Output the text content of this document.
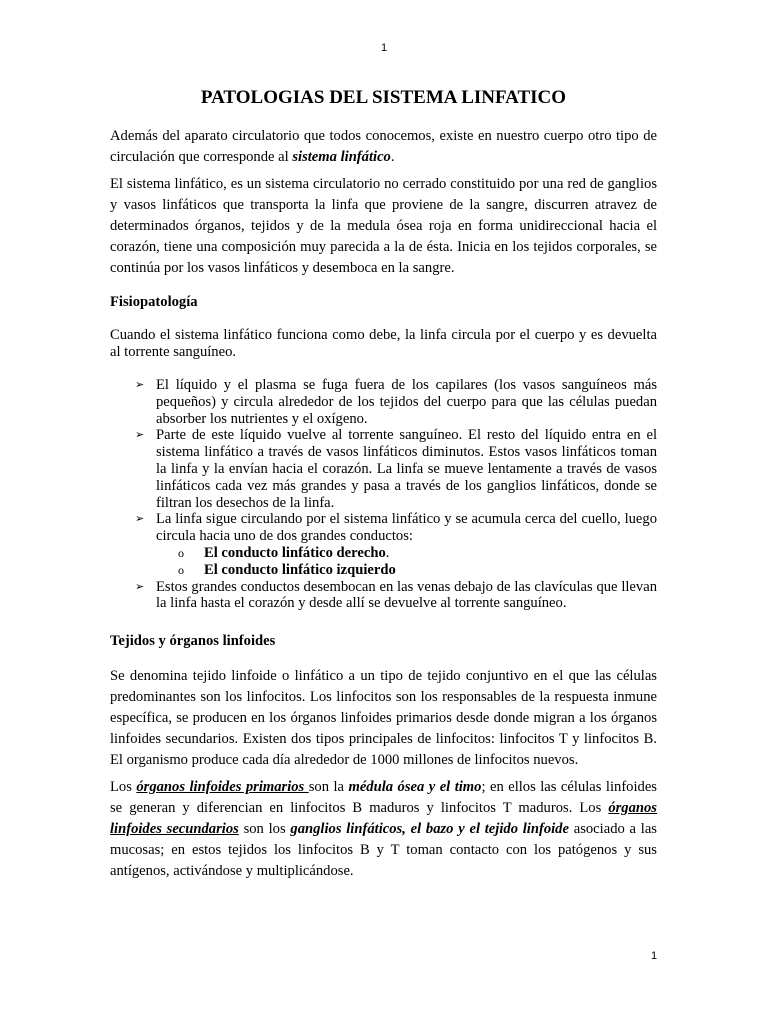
1
PATOLOGIAS DEL SISTEMA LINFATICO

Además del aparato circulatorio que todos conocemos, existe en nuestro cuerpo otro tipo de circulación que corresponde al sistema linfático.

El sistema linfático, es un sistema circulatorio no cerrado constituido por una red de ganglios y vasos linfáticos que transporta la linfa que proviene de la sangre, discurren atravez de determinados órganos, tejidos y de la medula ósea roja en forma unidireccional hacia el corazón, tiene una composición muy parecida a la de ésta. Inicia en los tejidos corporales, se continúa por los vasos linfáticos y desemboca en la sangre.

Fisiopatología

Cuando el sistema linfático funciona como debe, la linfa circula por el cuerpo y es devuelta al torrente sanguíneo.

➢ El líquido y el plasma se fuga fuera de los capilares (los vasos sanguíneos más pequeños) y circula alrededor de los tejidos del cuerpo para que las células puedan absorber los nutrientes y el oxígeno.
➢ Parte de este líquido vuelve al torrente sanguíneo. El resto del líquido entra en el sistema linfático a través de vasos linfáticos diminutos. Estos vasos linfáticos toman la linfa y la envían hacia el corazón. La linfa se mueve lentamente a través de vasos linfáticos cada vez más grandes y pasa a través de los ganglios linfáticos, donde se filtran los desechos de la linfa.
➢ La linfa sigue circulando por el sistema linfático y se acumula cerca del cuello, luego circula hacia uno de dos grandes conductos:
o El conducto linfático derecho.
o El conducto linfático izquierdo
➢ Estos grandes conductos desembocan en las venas debajo de las clavículas que llevan la linfa hasta el corazón y desde allí se devuelve al torrente sanguíneo.
Tejidos y órganos linfoides

Se denomina tejido linfoide o linfático a un tipo de tejido conjuntivo en el que las células predominantes son los linfocitos. Los linfocitos son los responsables de la respuesta inmune específica, se producen en los órganos linfoides primarios desde donde migran a los órganos linfoides secundarios. Existen dos tipos principales de linfocitos: linfocitos T y linfocitos B. El organismo produce cada día alrededor de 1000 millones de linfocitos nuevos.

Los órganos linfoides primarios son la médula ósea y el timo; en ellos las células linfoides se generan y diferencian en linfocitos B maduros y linfocitos T maduros. Los órganos linfoides secundarios son los ganglios linfáticos, el bazo y el tejido linfoide asociado a las mucosas; en estos tejidos los linfocitos B y T toman contacto con los patógenos y sus antígenos, activándose y multiplicándose.

1
